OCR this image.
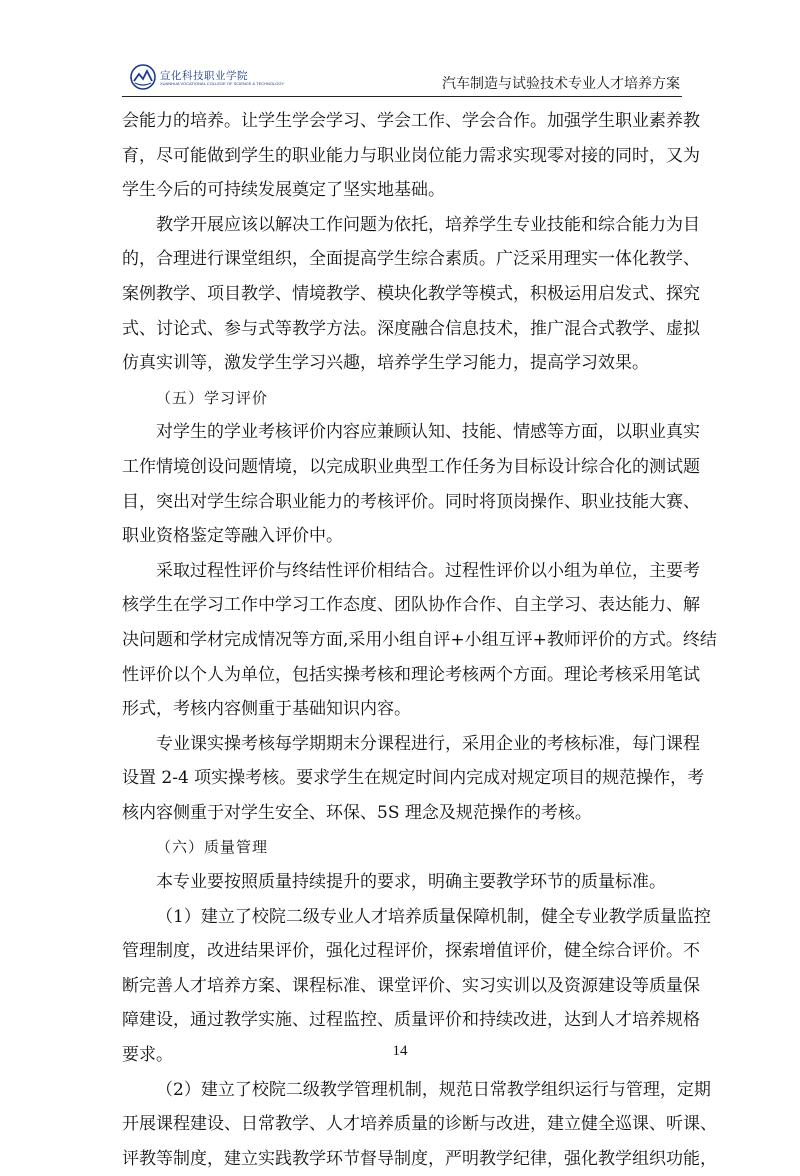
宣化科技职业学院
XUANHUA VOCATIONAL COLLEGE OF SCIENCE & TECHNOLOGY	汽车制造与试验技术专业人才培养方案
会能力的培养。让学生学会学习、学会工作、学会合作。加强学生职业素养教
育，尽可能做到学生的职业能力与职业岗位能力需求实现零对接的同时，又为
学生今后的可持续发展奠定了坚实地基础。
教学开展应该以解决工作问题为依托，培养学生专业技能和综合能力为目
的，合理进行课堂组织，全面提高学生综合素质。广泛采用理实一体化教学、
案例教学、项目教学、情境教学、模块化教学等模式，积极运用启发式、探究
式、讨论式、参与式等教学方法。深度融合信息技术，推广混合式教学、虚拟
仿真实训等，激发学生学习兴趣，培养学生学习能力，提高学习效果。
（五）学习评价
对学生的学业考核评价内容应兼顾认知、技能、情感等方面，以职业真实
工作情境创设问题情境，以完成职业典型工作任务为目标设计综合化的测试题
目，突出对学生综合职业能力的考核评价。同时将顶岗操作、职业技能大赛、
职业资格鉴定等融入评价中。
采取过程性评价与终结性评价相结合。过程性评价以小组为单位，主要考
核学生在学习工作中学习工作态度、团队协作合作、自主学习、表达能力、解
决问题和学材完成情况等方面,采用小组自评+小组互评+教师评价的方式。终结
性评价以个人为单位，包括实操考核和理论考核两个方面。理论考核采用笔试
形式，考核内容侧重于基础知识内容。
专业课实操考核每学期期末分课程进行，采用企业的考核标准，每门课程
设置 2-4 项实操考核。要求学生在规定时间内完成对规定项目的规范操作，考
核内容侧重于对学生安全、环保、5S 理念及规范操作的考核。
（六）质量管理
本专业要按照质量持续提升的要求，明确主要教学环节的质量标准。
（1）建立了校院二级专业人才培养质量保障机制，健全专业教学质量监控
管理制度，改进结果评价，强化过程评价，探索增值评价，健全综合评价。不
断完善人才培养方案、课程标准、课堂评价、实习实训以及资源建设等质量保
障建设，通过教学实施、过程监控、质量评价和持续改进，达到人才培养规格
要求。
（2）建立了校院二级教学管理机制，规范日常教学组织运行与管理，定期
开展课程建设、日常教学、人才培养质量的诊断与改进，建立健全巡课、听课、
评教等制度，建立实践教学环节督导制度，严明教学纪律，强化教学组织功能，
14
